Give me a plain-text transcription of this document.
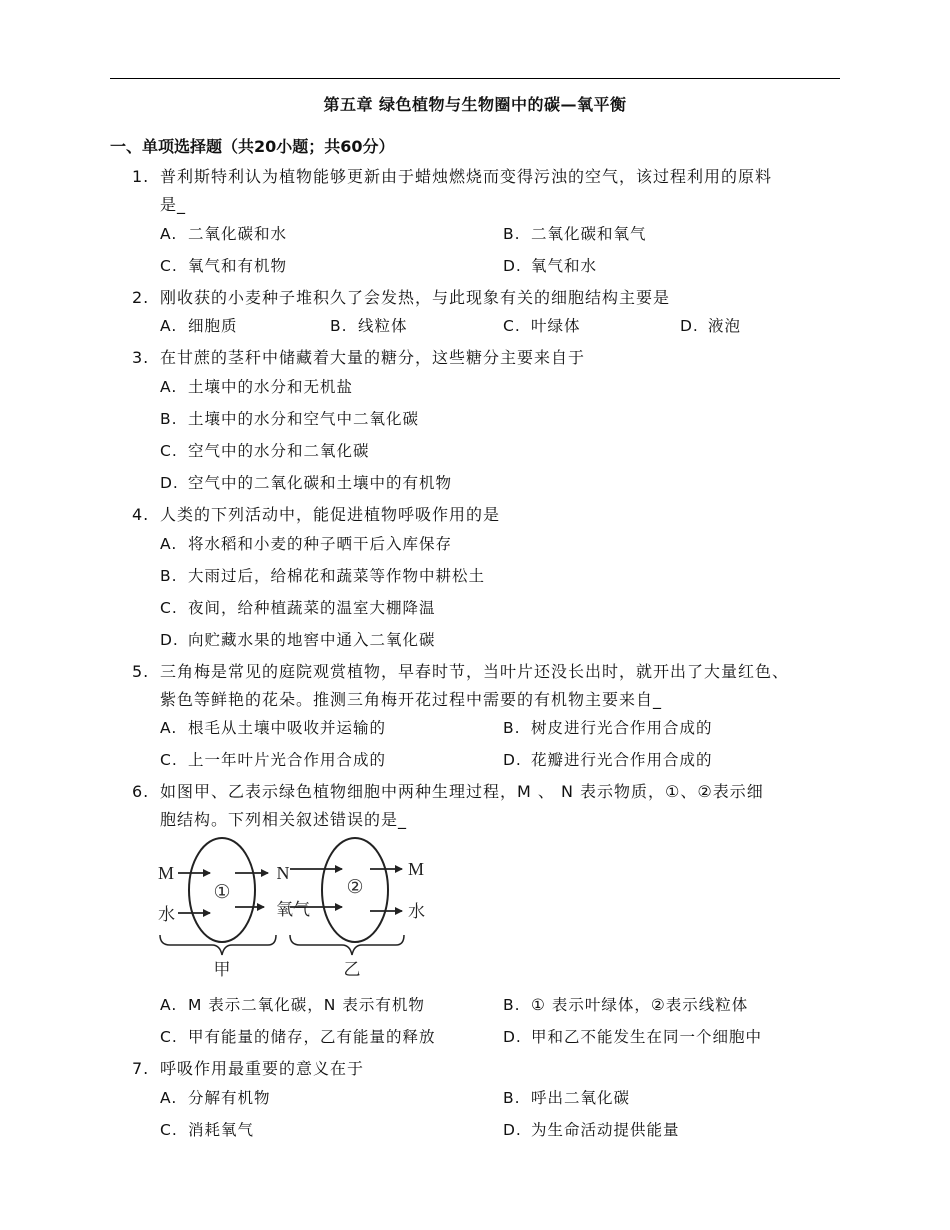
第五章 绿色植物与生物圈中的碳—氧平衡
一、单项选择题（共20小题；共60分）
1. 普利斯特利认为植物能够更新由于蜡烛燃烧而变得污浊的空气，该过程利用的原料
是_
A. 二氧化碳和水	B. 二氧化碳和氧气
C. 氧气和有机物	D. 氧气和水
2. 刚收获的小麦种子堆积久了会发热，与此现象有关的细胞结构主要是
A. 细胞质	B. 线粒体	C. 叶绿体	D. 液泡
3. 在甘蔗的茎秆中储藏着大量的糖分，这些糖分主要来自于
A. 土壤中的水分和无机盐
B. 土壤中的水分和空气中二氧化碳
C. 空气中的水分和二氧化碳
D. 空气中的二氧化碳和土壤中的有机物
4. 人类的下列活动中，能促进植物呼吸作用的是
A. 将水稻和小麦的种子晒干后入库保存
B. 大雨过后，给棉花和蔬菜等作物中耕松土
C. 夜间，给种植蔬菜的温室大棚降温
D. 向贮藏水果的地窖中通入二氧化碳
5. 三角梅是常见的庭院观赏植物，早春时节，当叶片还没长出时，就开出了大量红色、
紫色等鲜艳的花朵。推测三角梅开花过程中需要的有机物主要来自_
A. 根毛从土壤中吸收并运输的	B. 树皮进行光合作用合成的
C. 上一年叶片光合作用合成的	D. 花瓣进行光合作用合成的
6. 如图甲、乙表示绿色植物细胞中两种生理过程，M 、 N 表示物质，①、②表示细
胞结构。下列相关叙述错误的是_
M
水
①
N
氧气
②
M
水
甲	乙
A. M 表示二氧化碳，N 表示有机物	B. ① 表示叶绿体，②表示线粒体
C. 甲有能量的储存，乙有能量的释放	D. 甲和乙不能发生在同一个细胞中
7. 呼吸作用最重要的意义在于
A. 分解有机物	B. 呼出二氧化碳
C. 消耗氧气	D. 为生命活动提供能量
